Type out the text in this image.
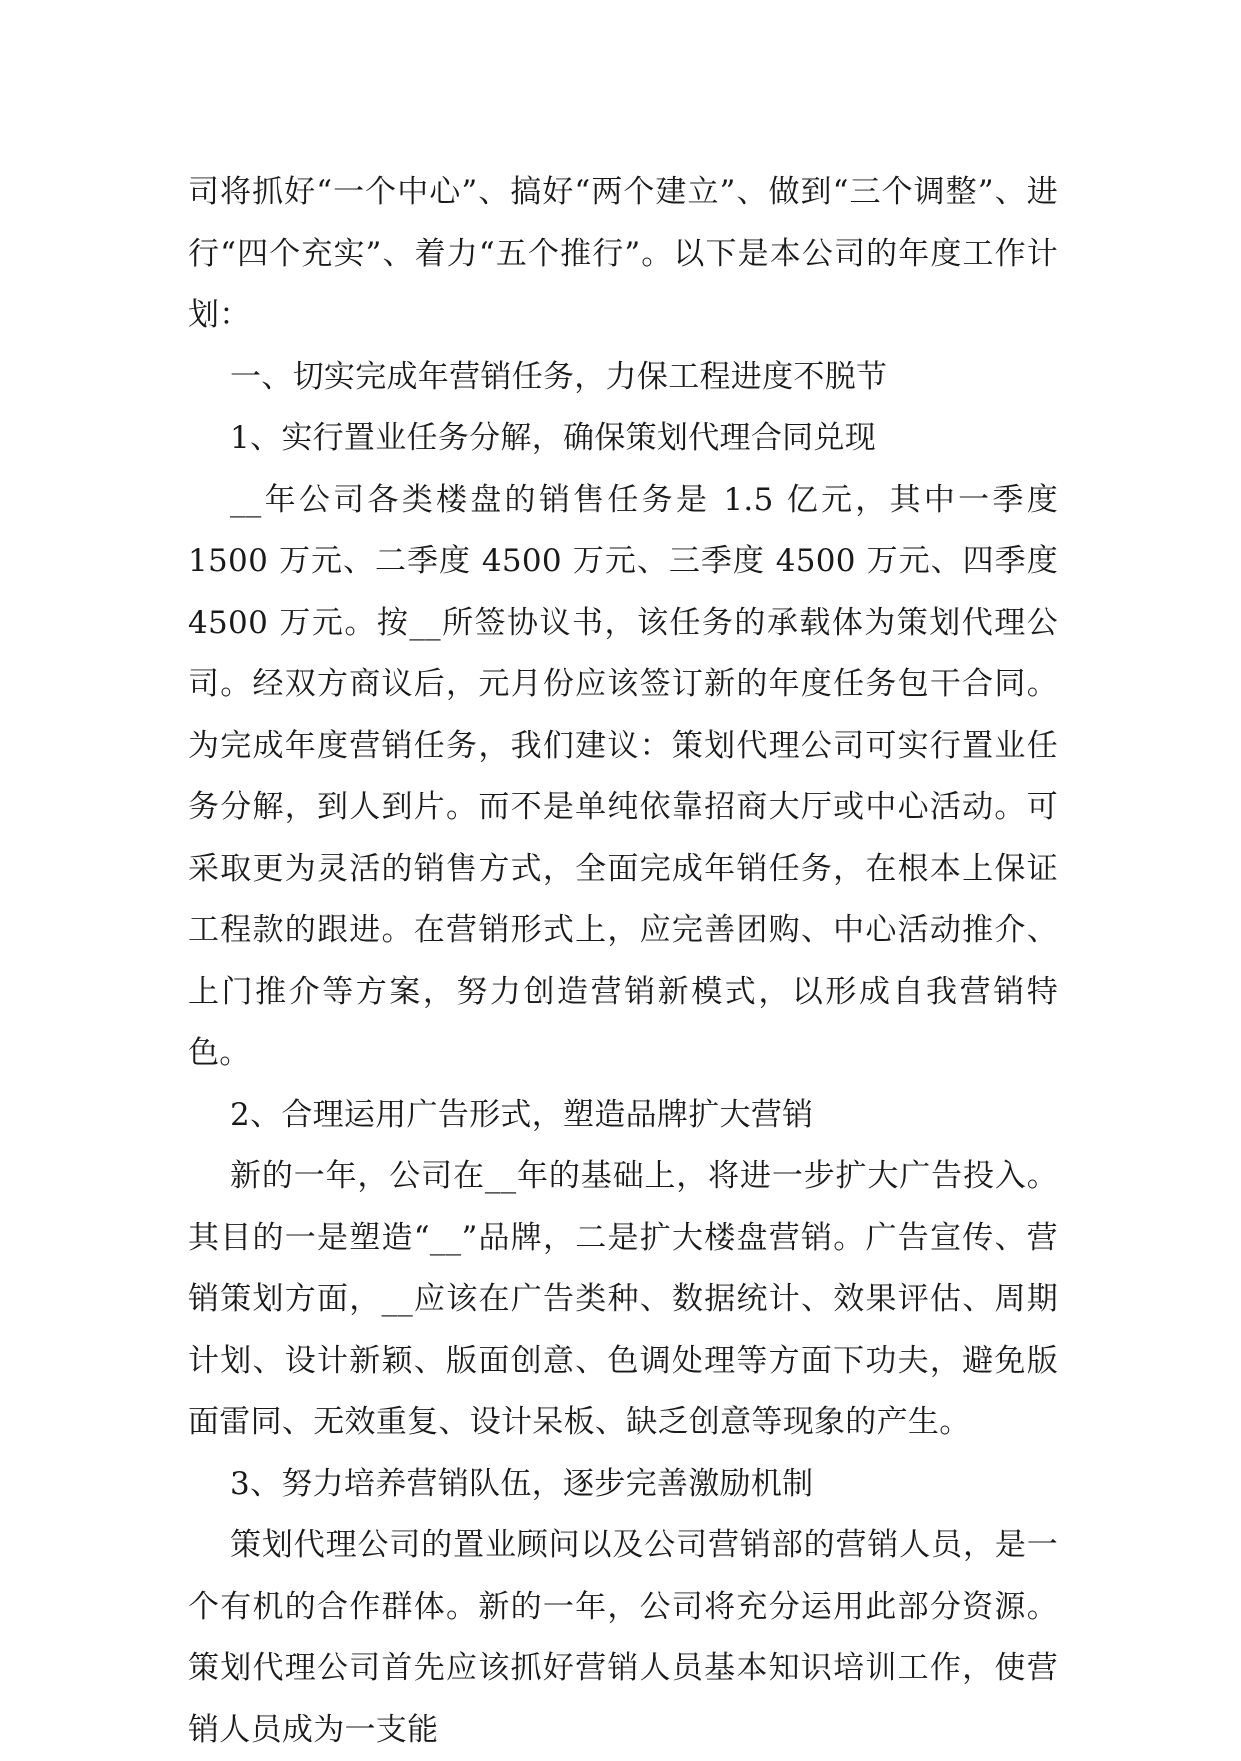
司将抓好“一个中心”、搞好“两个建立”、做到“三个调整”、进行“四个充实”、着力“五个推行”。以下是本公司的年度工作计划：

一、切实完成年营销任务，力保工程进度不脱节

1、实行置业任务分解，确保策划代理合同兑现

__年公司各类楼盘的销售任务是 1.5 亿元，其中一季度 1500 万元、二季度 4500 万元、三季度 4500 万元、四季度 4500 万元。按__所签协议书，该任务的承载体为策划代理公司。经双方商议后，元月份应该签订新的年度任务包干合同。为完成年度营销任务，我们建议：策划代理公司可实行置业任务分解，到人到片。而不是单纯依靠招商大厅或中心活动。可采取更为灵活的销售方式，全面完成年销任务，在根本上保证工程款的跟进。在营销形式上，应完善团购、中心活动推介、上门推介等方案，努力创造营销新模式，以形成自我营销特色。

2、合理运用广告形式，塑造品牌扩大营销

新的一年，公司在__年的基础上，将进一步扩大广告投入。其目的一是塑造“__”品牌，二是扩大楼盘营销。广告宣传、营销策划方面，__应该在广告类种、数据统计、效果评估、周期计划、设计新颖、版面创意、色调处理等方面下功夫，避免版面雷同、无效重复、设计呆板、缺乏创意等现象的产生。

3、努力培养营销队伍，逐步完善激励机制

策划代理公司的置业顾问以及公司营销部的营销人员，是一个有机的合作群体。新的一年，公司将充分运用此部分资源。策划代理公司首先应该抓好营销人员基本知识培训工作，使营销人员成为一支能
